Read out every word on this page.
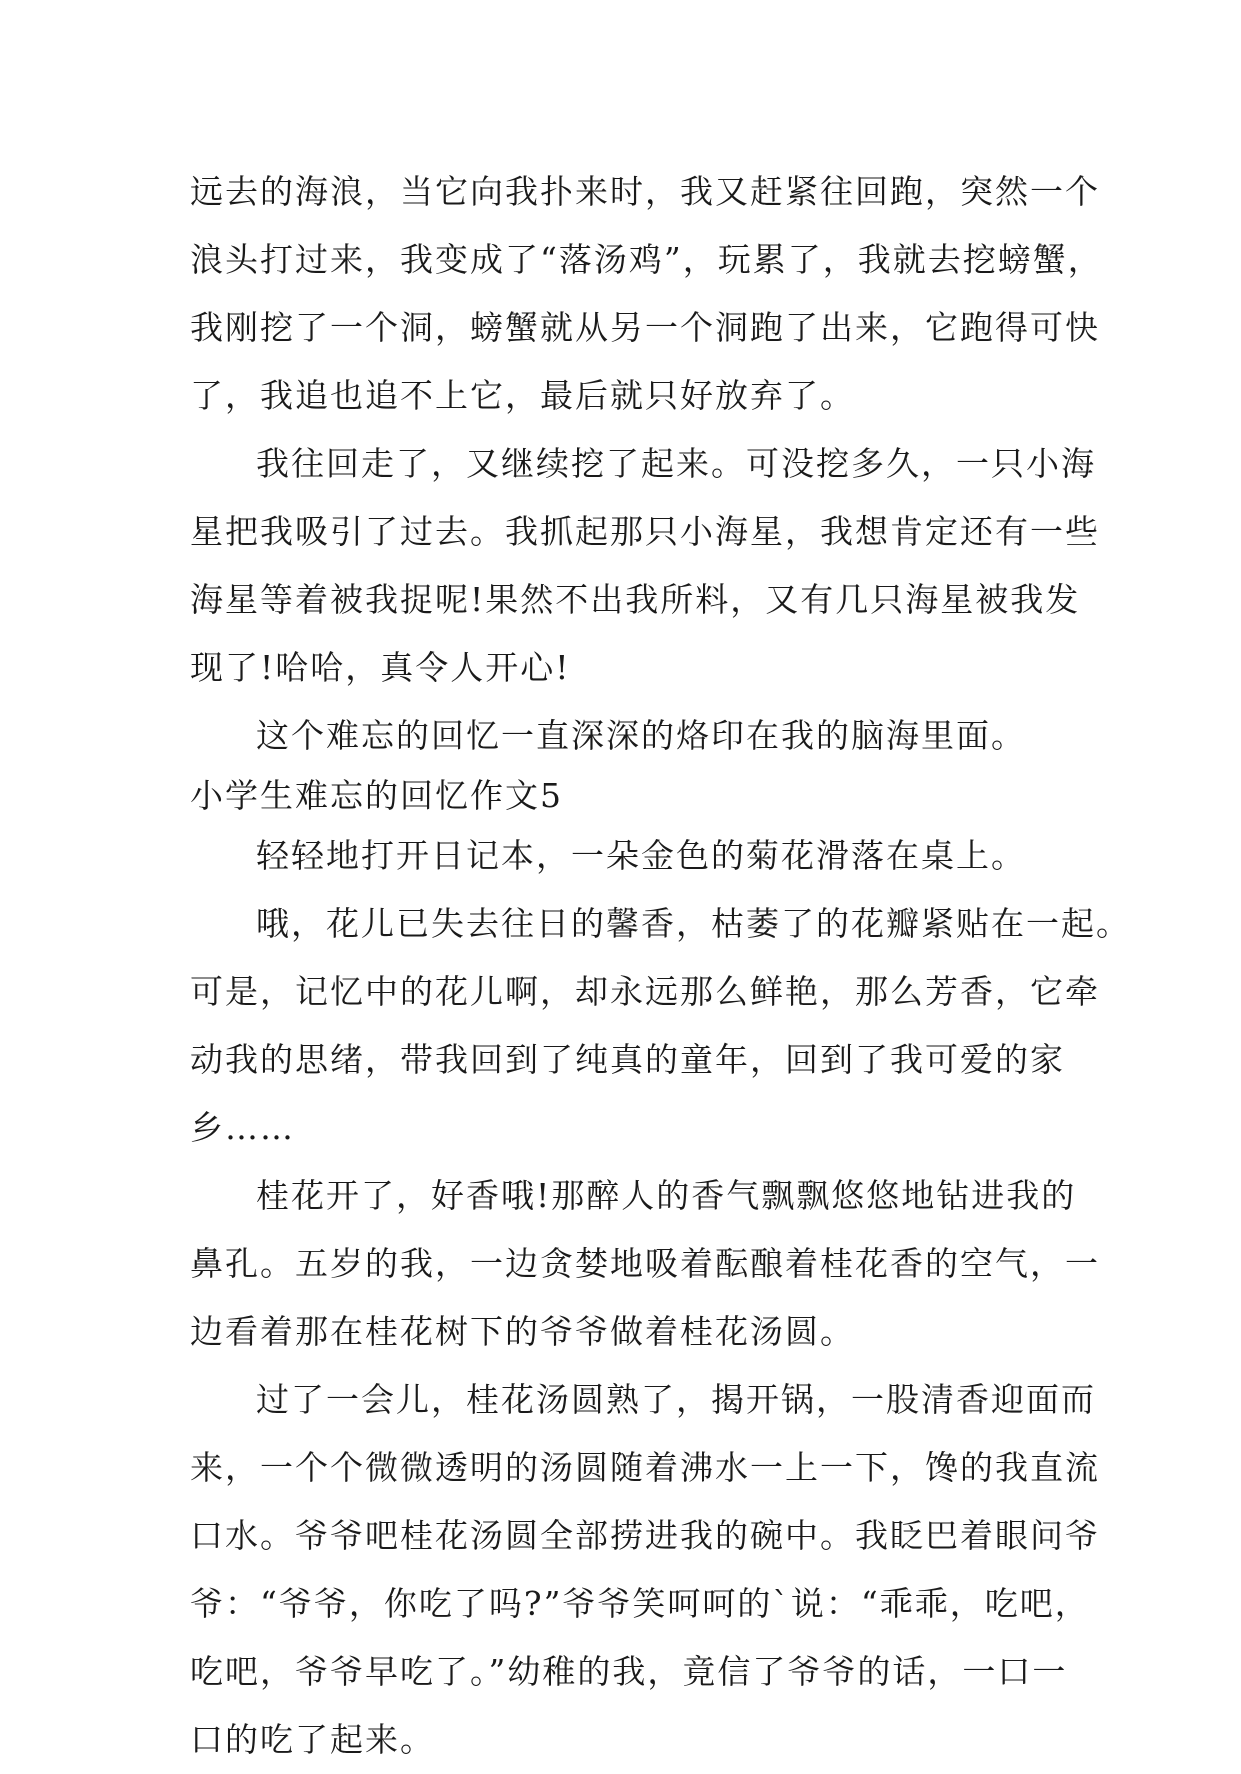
远去的海浪，当它向我扑来时，我又赶紧往回跑，突然一个
浪头打过来，我变成了“落汤鸡”，玩累了，我就去挖螃蟹，
我刚挖了一个洞，螃蟹就从另一个洞跑了出来，它跑得可快
了，我追也追不上它，最后就只好放弃了。
我往回走了，又继续挖了起来。可没挖多久，一只小海
星把我吸引了过去。我抓起那只小海星，我想肯定还有一些
海星等着被我捉呢!果然不出我所料，又有几只海星被我发
现了!哈哈，真令人开心!
这个难忘的回忆一直深深的烙印在我的脑海里面。
小学生难忘的回忆作文5
轻轻地打开日记本，一朵金色的菊花滑落在桌上。
哦，花儿已失去往日的馨香，枯萎了的花瓣紧贴在一起。
可是，记忆中的花儿啊，却永远那么鲜艳，那么芳香，它牵
动我的思绪，带我回到了纯真的童年，回到了我可爱的家
乡……
桂花开了，好香哦!那醉人的香气飘飘悠悠地钻进我的
鼻孔。五岁的我，一边贪婪地吸着酝酿着桂花香的空气，一
边看着那在桂花树下的爷爷做着桂花汤圆。
过了一会儿，桂花汤圆熟了，揭开锅，一股清香迎面而
来，一个个微微透明的汤圆随着沸水一上一下，馋的我直流
口水。爷爷吧桂花汤圆全部捞进我的碗中。我眨巴着眼问爷
爷：“爷爷，你吃了吗?”爷爷笑呵呵的`说：“乖乖，吃吧，
吃吧，爷爷早吃了。”幼稚的我，竟信了爷爷的话，一口一
口的吃了起来。
